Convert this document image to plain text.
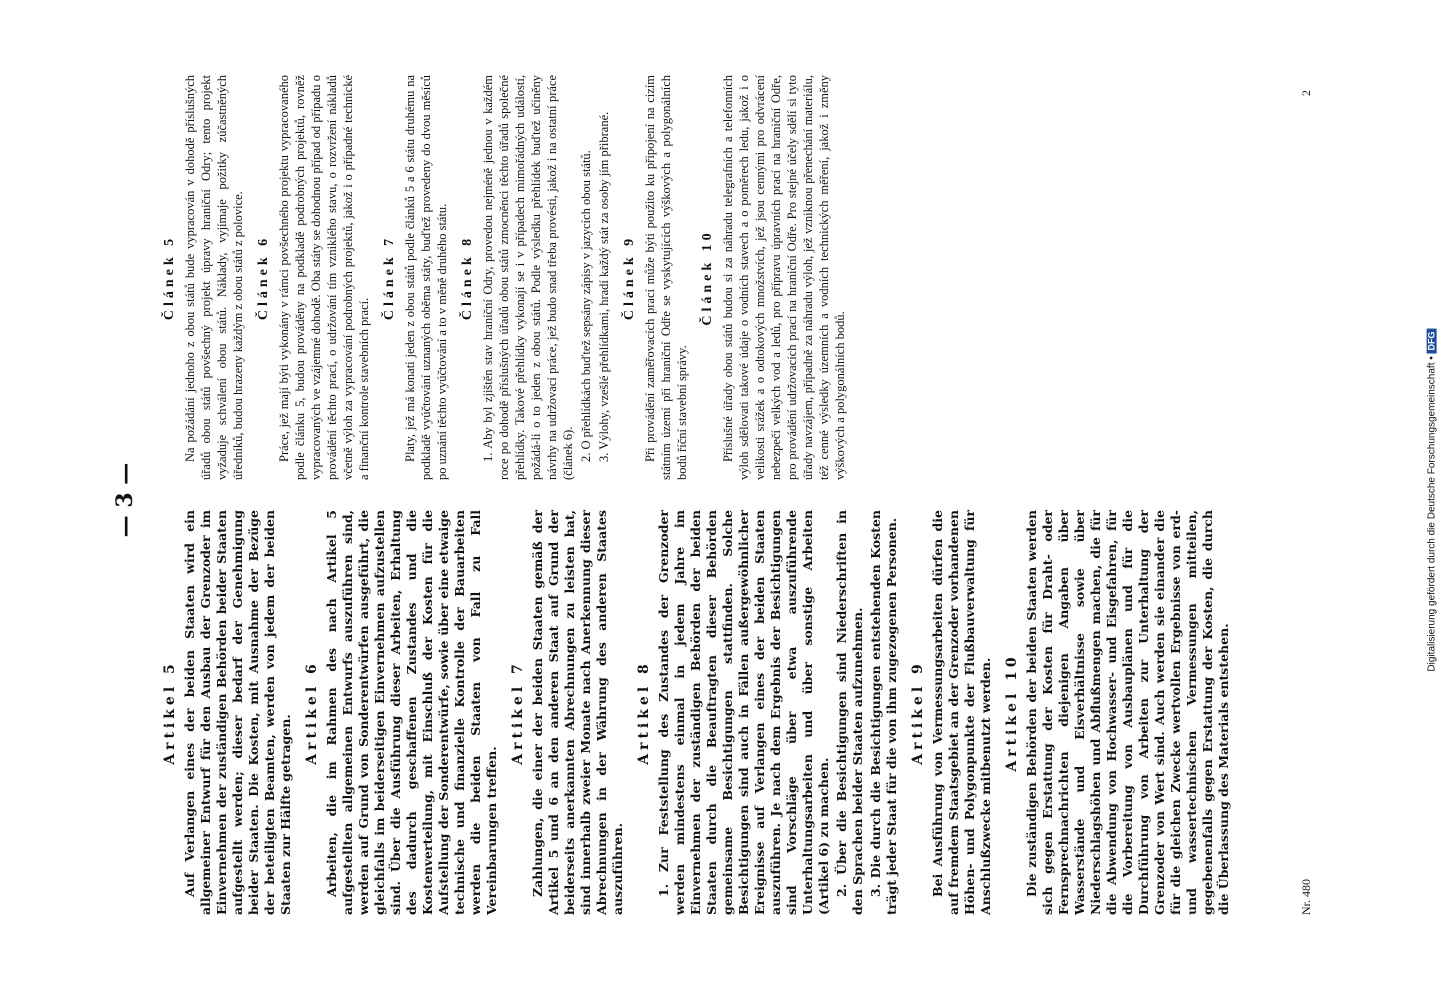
— 3 —
Artikel 5 Auf Verlangen eines der beiden Staaten wird ein allgemeiner Entwurf für den Ausbau der Grenzoder im Einvernehmen der zuständigen Behörden beider Staaten aufgestellt werden; dieser bedarf der Genehmigung beider Staaten. Die Kosten, mit Ausnahme der Bezüge der beteiligten Beamten, werden von jedem der beiden Staaten zur Hälfte getragen.

Artikel 6 Arbeiten, die im Rahmen des nach Artikel 5 aufgestellten allgemeinen Entwurfs auszuführen sind, werden auf Grund von Sonderentwürfen ausgeführt, die gleichfalls im beiderseitigen Einvernehmen aufzustellen sind. Über die Ausführung dieser Arbeiten, Erhaltung des dadurch geschaffenen Zustandes und die Kostenverteilung, mit Einschluß der Kosten für die Aufstellung der Sonderentwürfe, sowie über eine etwaige technische und finanzielle Kontrolle der Bauarbeiten werden die beiden Staaten von Fall zu Fall Vereinbarungen treffen.

Artikel 7 Zahlungen, die einer der beiden Staaten gemäß der Artikel 5 und 6 an den anderen Staat auf Grund der beiderseits anerkannten Abrechnungen zu leisten hat, sind innerhalb zweier Monate nach Anerkennung dieser Abrechnungen in der Währung des anderen Staates auszuführen.

Artikel 8 1. Zur Feststellung des Zustandes der Grenzoder werden mindestens einmal in jedem Jahre im Einvernehmen der zuständigen Behörden der beiden Staaten durch die Beauftragten dieser Behörden gemeinsame Besichtigungen stattfinden. Solche Besichtigungen sind auch in Fällen außergewöhnlicher Ereignisse auf Verlangen eines der beiden Staaten auszuführen. Je nach dem Ergebnis der Besichtigungen sind Vorschläge über etwa auszuführende Unterhaltungsarbeiten und über sonstige Arbeiten (Artikel 6) zu machen. 2. Über die Besichtigungen sind Niederschriften in den Sprachen beider Staaten aufzunehmen. 3. Die durch die Besichtigungen entstehenden Kosten trägt jeder Staat für die von ihm zugezogenen Personen. Artikel 9 Bei Ausführung von Vermessungsarbeiten dürfen die auf fremdem Staatsgebiet an der Grenzoder vorhandenen Höhen- und Polygonpunkte der Flußbauverwaltung für Anschlußzwecke mitbenutzt werden. Artikel 10 Die zuständigen Behörden der beiden Staaten werden sich gegen Erstattung der Kosten für Draht- oder Fernsprechnachrichten diejenigen Angaben über Wasserstände und Eisverhältnisse sowie über Niederschlagshöhen und Abflußmengen machen, die für die Abwendung von Hochwasser- und Eisgefahren, für die Vorbereitung von Ausbauplänen und für die Durchführung von Arbeiten zur Unterhaltung der Grenzoder von Wert sind. Auch werden sie einander die für die gleichen Zwecke wertvollen Ergebnisse von erd- und wassertechnischen Vermessungen mitteilen, gegebenenfalls gegen Erstattung der Kosten, die durch die Überlassung des Materials entstehen.

Článek 5 Na požádání jednoho z obou států bude vypracován v dohodě příslušných úřadů obou států povšechný projekt úpravy hraniční Odry; tento projekt vyžaduje schválení obou států. Náklady, vyjímaje požitky zúčastněných úředníků, budou hrazeny každým z obou států z polovice. Článek 6 Práce, jež mají býti vykonány v rámci povšechného projektu vypracovaného podle článku 5, budou prováděny na podkladě podrobných projektů, rovněž vypracovaných ve vzájemné dohodě. Oba státy se dohodnou případ od případu o provádění těchto prací, o udržování tím vzniklého stavu, o rozvržení nákladů včetně výloh za vypracování podrobných projektů, jakož i o případné technické a finanční kontrole stavebních prací.

Článek 7 Platy, jež má konati jeden z obou států podle článků 5 a 6 státu druhému na podkladě vyúčtování uznaných oběma státy, buďtež provedeny do dvou měsíců po uznání těchto vyúčtování a to v měně druhého státu. Článek 8 1. Aby byl zjištěn stav hraniční Odry, provedou nejméně jednou v každém roce po dohodě příslušných úřadů obou států zmocněnci těchto úřadů společné přehlídky. Takové přehlídky vykonají se i v případech mimořádných událostí, požádá-li o to jeden z obou států. Podle výsledku přehlídek buďtež učiněny návrhy na udržovací práce, jež budo snad třeba provésti, jakož i na ostatní práce (článek 6). 2. O přehlídkách buďtež sepsány zápisy v jazycích obou států. 3. Výlohy, vzešlé přehlídkami, hradí každý stát za osoby jím přibrané. Článek 9 Při provádění zaměřovacích prací může býti použito ku připojení na cizím státním území při hraniční Odře se vyskytujících výškových a polygonálních bodů říční stavební správy.

Článek 10 Příslušné úřady obou států budou si za náhradu telegrafních a telefonních výloh sdělovati takové údaje o vodních stavech a o poměrech ledu, jakož i o velikosti srážek a o odtokových množstvích, jež jsou cennými pro odvrácení nebezpečí velkých vod a ledů, pro přípravu úpravních prací na hraniční Odře, pro provádění udržovacích prací na hraniční Odře. Pro stejné účely sdělí si tyto úřady navzájem, případně za náhradu výloh, jež vzniknou přenechání materiálu, též cenné výsledky územních a vodních technických měření, jakož i změny výškových a polygonálních bodů.

Nr. 480
2
Digitalisierung gefördert durch die Deutsche Forschungsgemeinschaft • DFG
